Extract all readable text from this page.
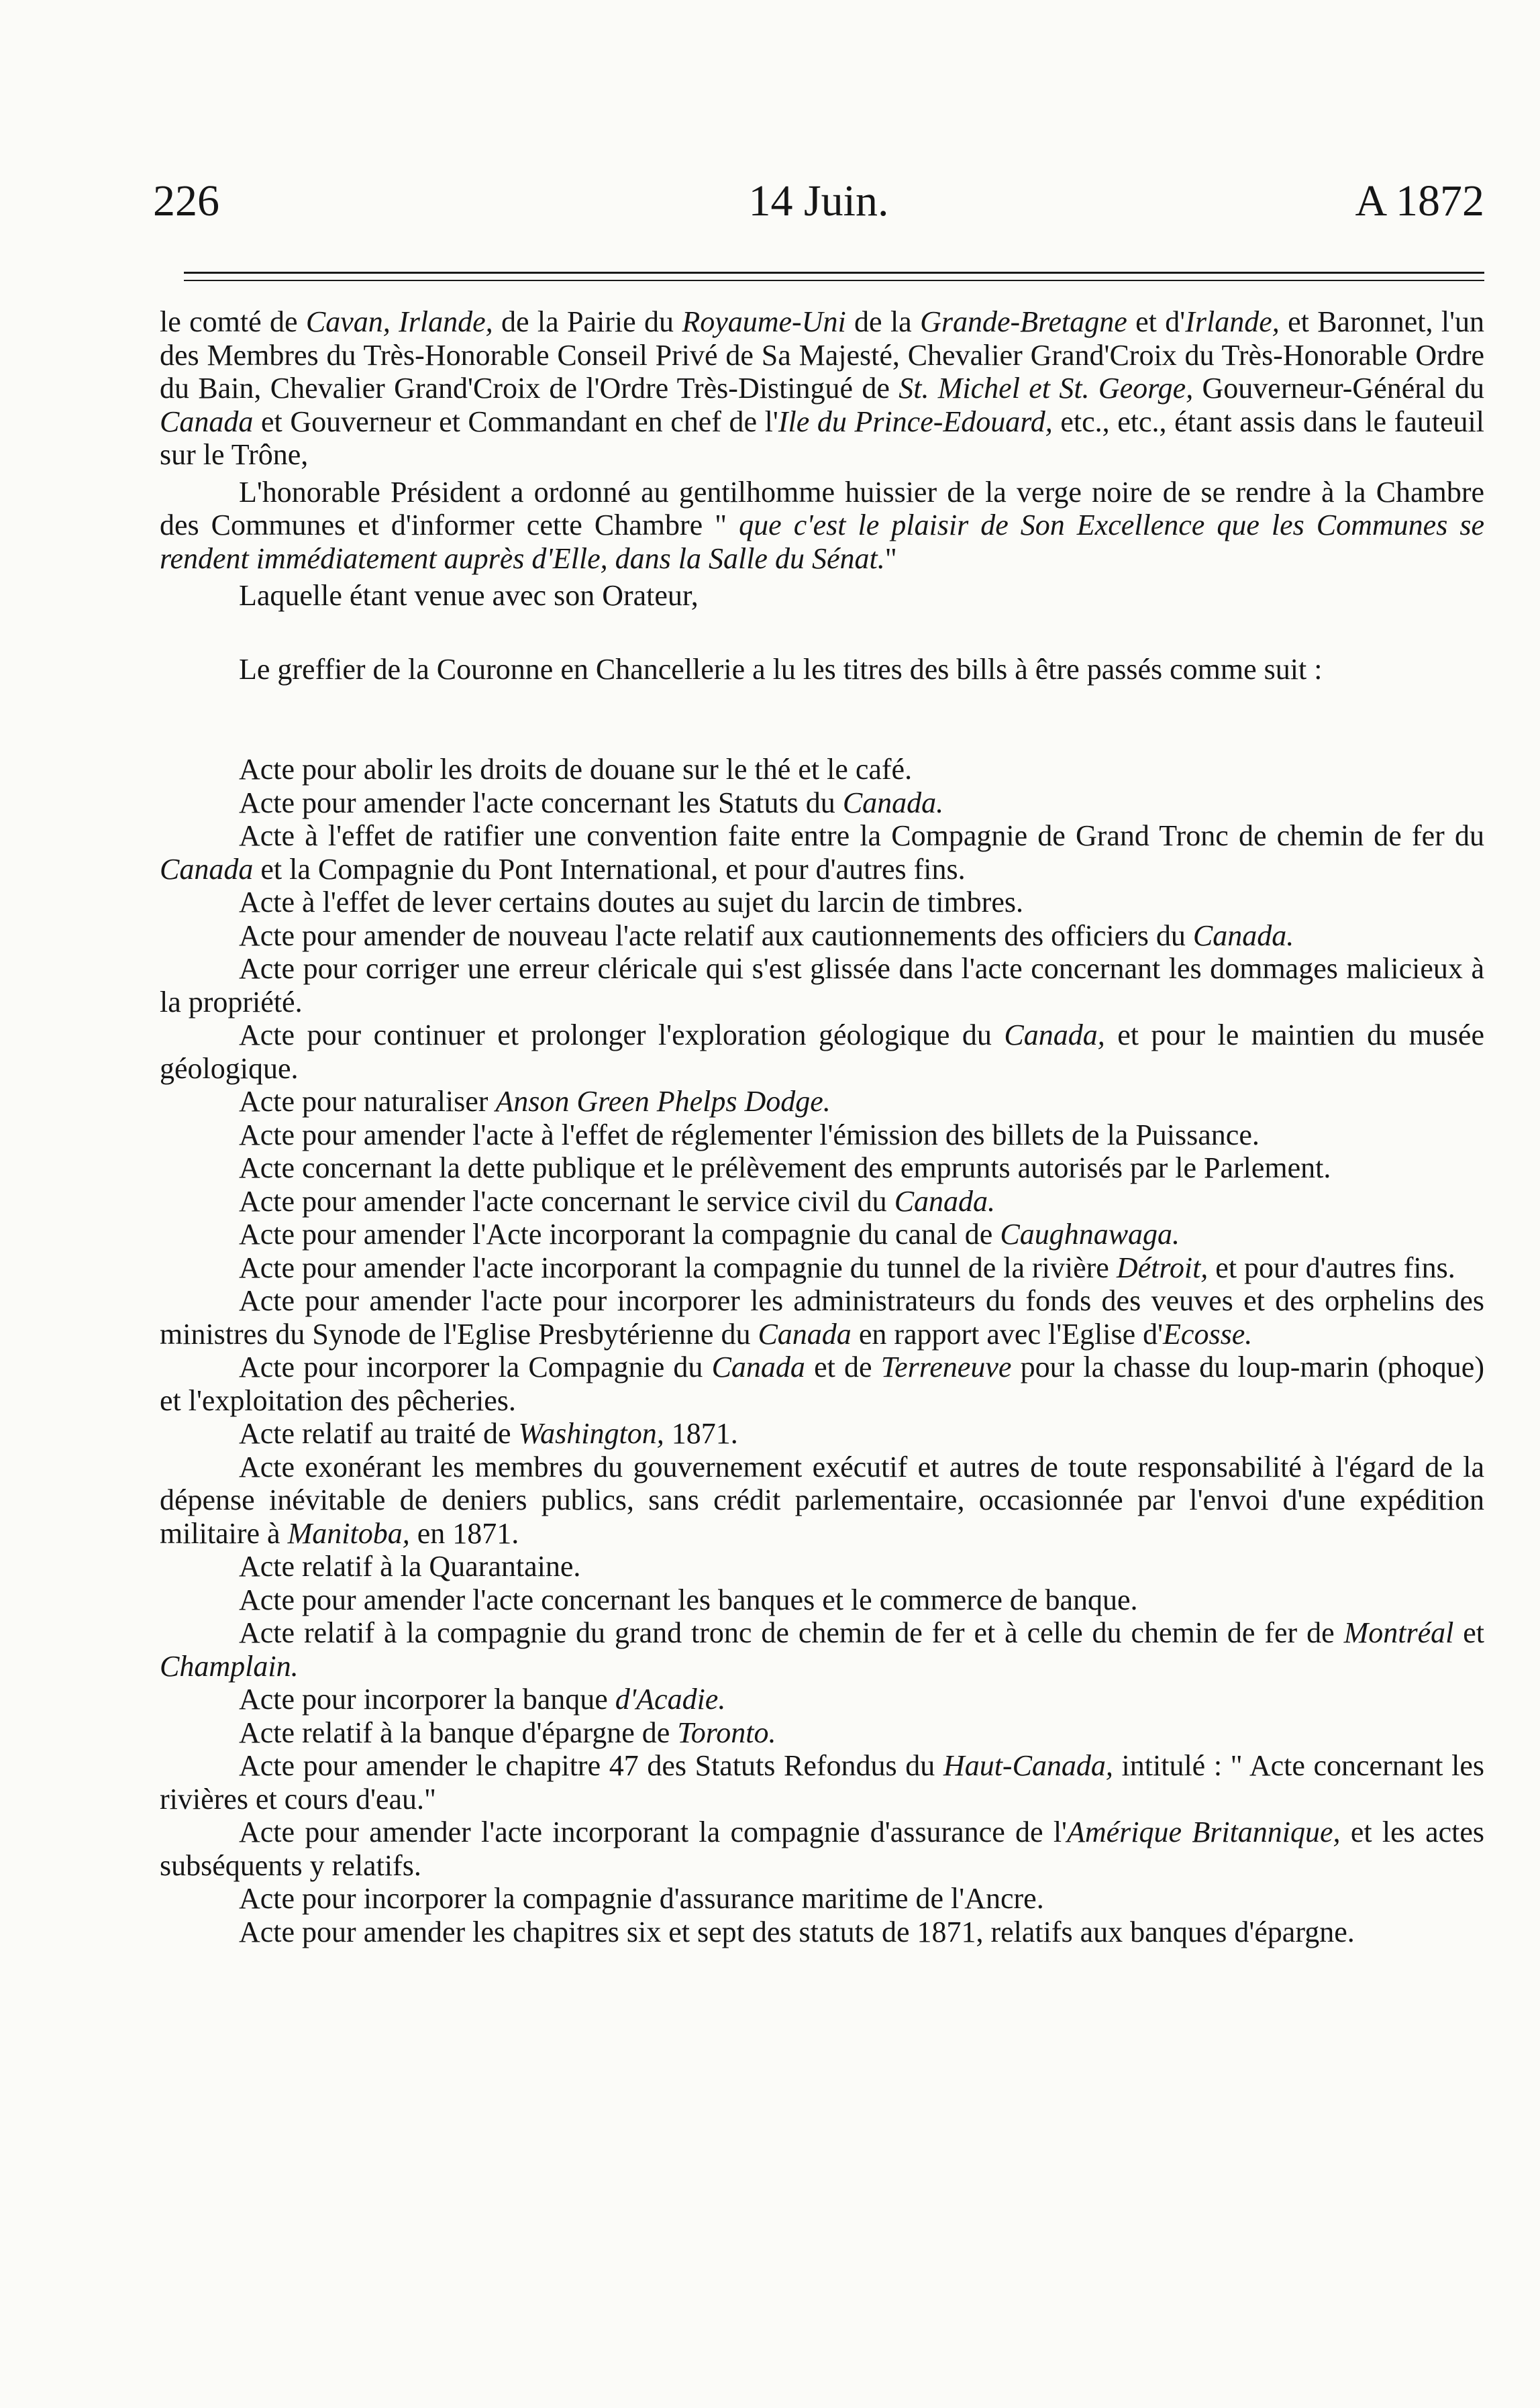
226	14 Juin.	A 1872

le comté de Cavan, Irlande, de la Pairie du Royaume-Uni de la Grande-Bretagne et d'Irlande, et Baronnet, l'un des Membres du Très-Honorable Conseil Privé de Sa Majesté, Chevalier Grand'Croix du Très-Honorable Ordre du Bain, Chevalier Grand'Croix de l'Ordre Très-Distingué de St. Michel et St. George, Gouverneur-Général du Canada et Gouverneur et Commandant en chef de l'Ile du Prince-Edouard, etc., etc., étant assis dans le fauteuil sur le Trône,

L'honorable Président a ordonné au gentilhomme huissier de la verge noire de se rendre à la Chambre des Communes et d'informer cette Chambre " que c'est le plaisir de Son Excellence que les Communes se rendent immédiatement auprès d'Elle, dans la Salle du Sénat."

Laquelle étant venue avec son Orateur,

Le greffier de la Couronne en Chancellerie a lu les titres des bills à être passés comme suit :

Acte pour abolir les droits de douane sur le thé et le café.

Acte pour amender l'acte concernant les Statuts du Canada.

Acte à l'effet de ratifier une convention faite entre la Compagnie de Grand Tronc de chemin de fer du Canada et la Compagnie du Pont International, et pour d'autres fins.

Acte à l'effet de lever certains doutes au sujet du larcin de timbres.

Acte pour amender de nouveau l'acte relatif aux cautionnements des officiers du Canada.

Acte pour corriger une erreur cléricale qui s'est glissée dans l'acte concernant les dommages malicieux à la propriété.

Acte pour continuer et prolonger l'exploration géologique du Canada, et pour le maintien du musée géologique.

Acte pour naturaliser Anson Green Phelps Dodge.

Acte pour amender l'acte à l'effet de réglementer l'émission des billets de la Puissance.

Acte concernant la dette publique et le prélèvement des emprunts autorisés par le Parlement.

Acte pour amender l'acte concernant le service civil du Canada.

Acte pour amender l'Acte incorporant la compagnie du canal de Caughnawaga.

Acte pour amender l'acte incorporant la compagnie du tunnel de la rivière Détroit, et pour d'autres fins.

Acte pour amender l'acte pour incorporer les administrateurs du fonds des veuves et des orphelins des ministres du Synode de l'Eglise Presbytérienne du Canada en rapport avec l'Eglise d'Ecosse.

Acte pour incorporer la Compagnie du Canada et de Terreneuve pour la chasse du loup-marin (phoque) et l'exploitation des pêcheries.

Acte relatif au traité de Washington, 1871.

Acte exonérant les membres du gouvernement exécutif et autres de toute responsabilité à l'égard de la dépense inévitable de deniers publics, sans crédit parlementaire, occasionnée par l'envoi d'une expédition militaire à Manitoba, en 1871.

Acte relatif à la Quarantaine.

Acte pour amender l'acte concernant les banques et le commerce de banque.

Acte relatif à la compagnie du grand tronc de chemin de fer et à celle du chemin de fer de Montréal et Champlain.

Acte pour incorporer la banque d'Acadie.

Acte relatif à la banque d'épargne de Toronto.

Acte pour amender le chapitre 47 des Statuts Refondus du Haut-Canada, intitulé : " Acte concernant les rivières et cours d'eau."

Acte pour amender l'acte incorporant la compagnie d'assurance de l'Amérique Britannique, et les actes subséquents y relatifs.

Acte pour incorporer la compagnie d'assurance maritime de l'Ancre.

Acte pour amender les chapitres six et sept des statuts de 1871, relatifs aux banques d'épargne.
